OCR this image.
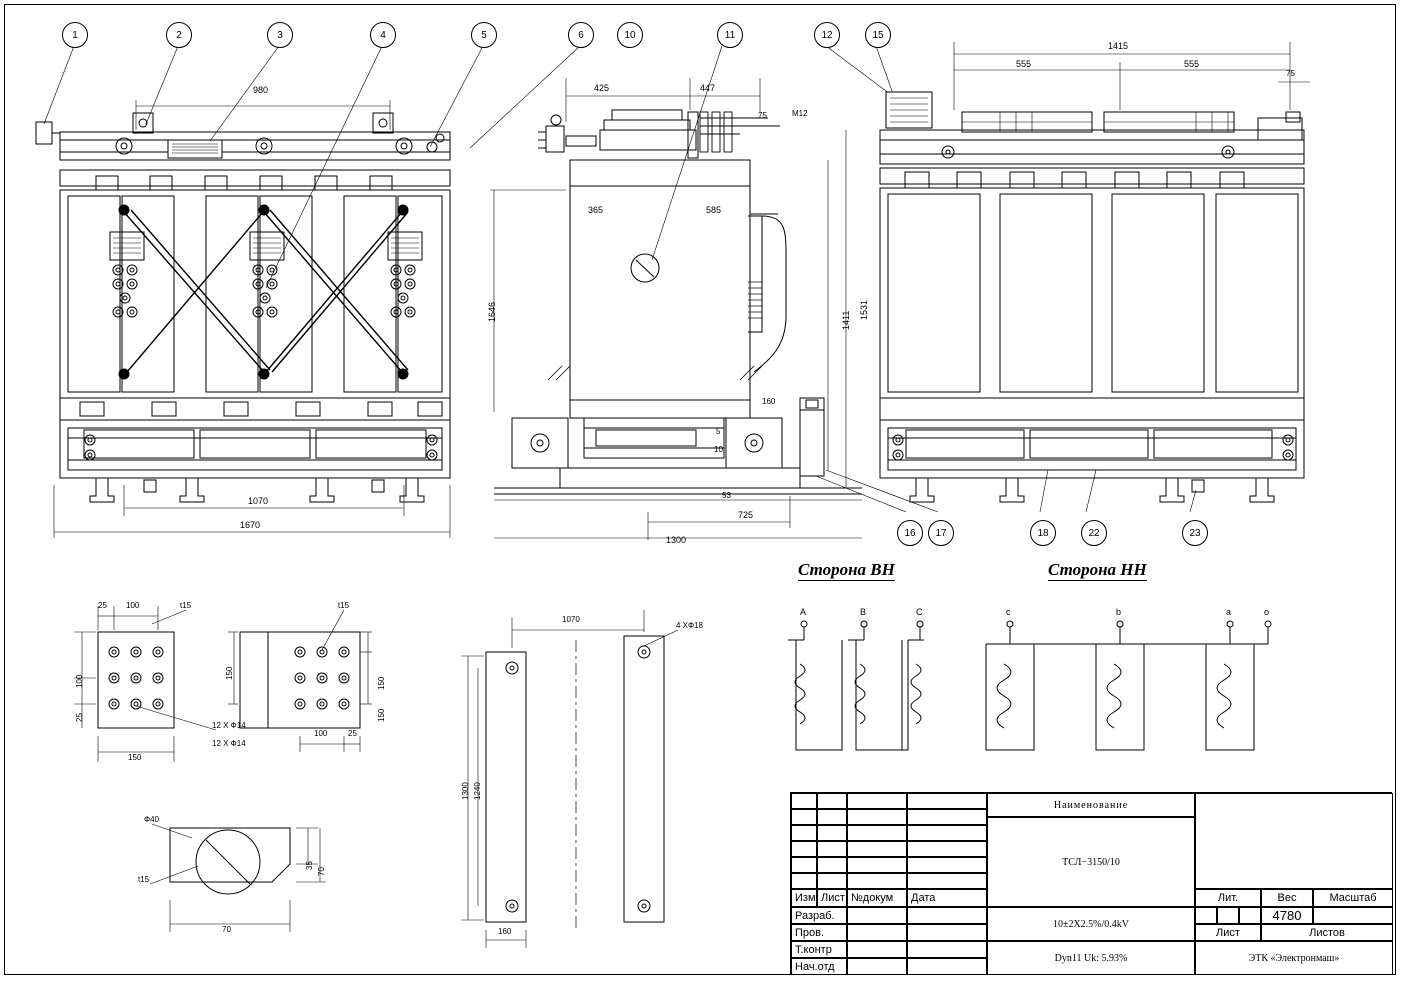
1	2	3	4	5	6	10	11	12	15
16	17	18	22	23
980
1070
1670
425	447
75	M12
365	585
1646	1411
1531
160
5
10
53
725
1300
1415
555	555
75
Сторона ВН	Сторона НН
A	B	C	c	b	a	o
25 100	t15
100
25
12 X Ф14
12 X Ф14
150
150
100	25
t15
150
150
1070
4 XФ18
1300 1240
160
Ф40
t15
35
70
70
Изм Лист №докум	Дата
Разраб.
Пров.
Т.контр
Нач.отд
Наименование
ТСЛ−3150/10
10±2X2.5%/0.4kV
Dyn11 Uk: 5.93%
Лит.	Вес	Масштаб
4780
Лист	Листов
ЭТК «Электронмаш»
